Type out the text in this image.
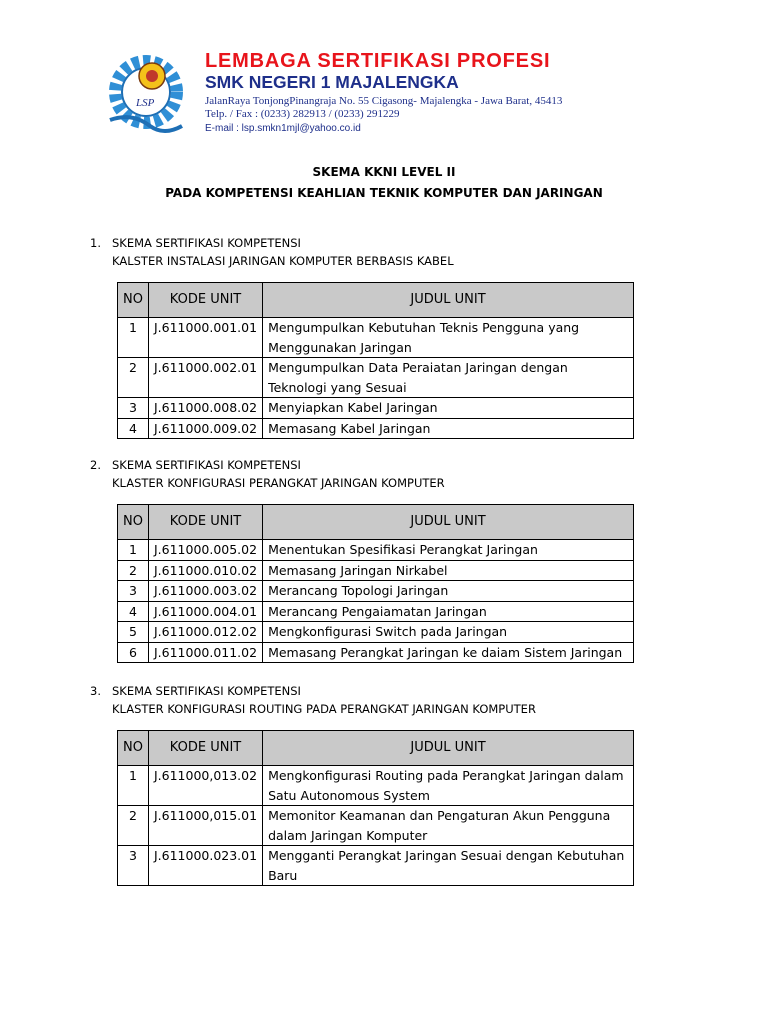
LSP
LEMBAGA SERTIFIKASI PROFESI
SMK NEGERI 1 MAJALENGKA
JalanRaya TonjongPinangraja No. 55 Cigasong- Majalengka - Jawa Barat, 45413
Telp. / Fax : (0233) 282913 / (0233) 291229
E-mail : lsp.smkn1mjl@yahoo.co.id
SKEMA KKNI LEVEL II
PADA KOMPETENSI KEAHLIAN TEKNIK KOMPUTER DAN JARINGAN
1. SKEMA SERTIFIKASI KOMPETENSI
KALSTER INSTALASI JARINGAN KOMPUTER BERBASIS KABEL
NO	KODE UNIT	JUDUL UNIT
1	J.611000.001.01	Mengumpulkan Kebutuhan Teknis Pengguna yang Menggunakan Jaringan
2	J.611000.002.01	Mengumpulkan Data Peraiatan Jaringan dengan Teknologi yang Sesuai
3	J.611000.008.02	Menyiapkan Kabel Jaringan
4	J.611000.009.02	Memasang Kabel Jaringan
2. SKEMA SERTIFIKASI KOMPETENSI
KLASTER KONFIGURASI PERANGKAT JARINGAN KOMPUTER
NO	KODE UNIT	JUDUL UNIT
1	J.611000.005.02	Menentukan Spesifikasi Perangkat Jaringan
2	J.611000.010.02	Memasang Jaringan Nirkabel
3	J.611000.003.02	Merancang Topologi Jaringan
4	J.611000.004.01	Merancang Pengaiamatan Jaringan
5	J.611000.012.02	Mengkonfigurasi Switch pada Jaringan
6	J.611000.011.02	Memasang Perangkat Jaringan ke daiam Sistem Jaringan
3. SKEMA SERTIFIKASI KOMPETENSI
KLASTER KONFIGURASI ROUTING PADA PERANGKAT JARINGAN KOMPUTER
NO	KODE UNIT	JUDUL UNIT
1	J.611000,013.02	Mengkonfigurasi Routing pada Perangkat Jaringan dalam Satu Autonomous System
2	J.611000,015.01	Memonitor Keamanan dan Pengaturan Akun Pengguna dalam Jaringan Komputer
3	J.611000.023.01	Mengganti Perangkat Jaringan Sesuai dengan Kebutuhan Baru
